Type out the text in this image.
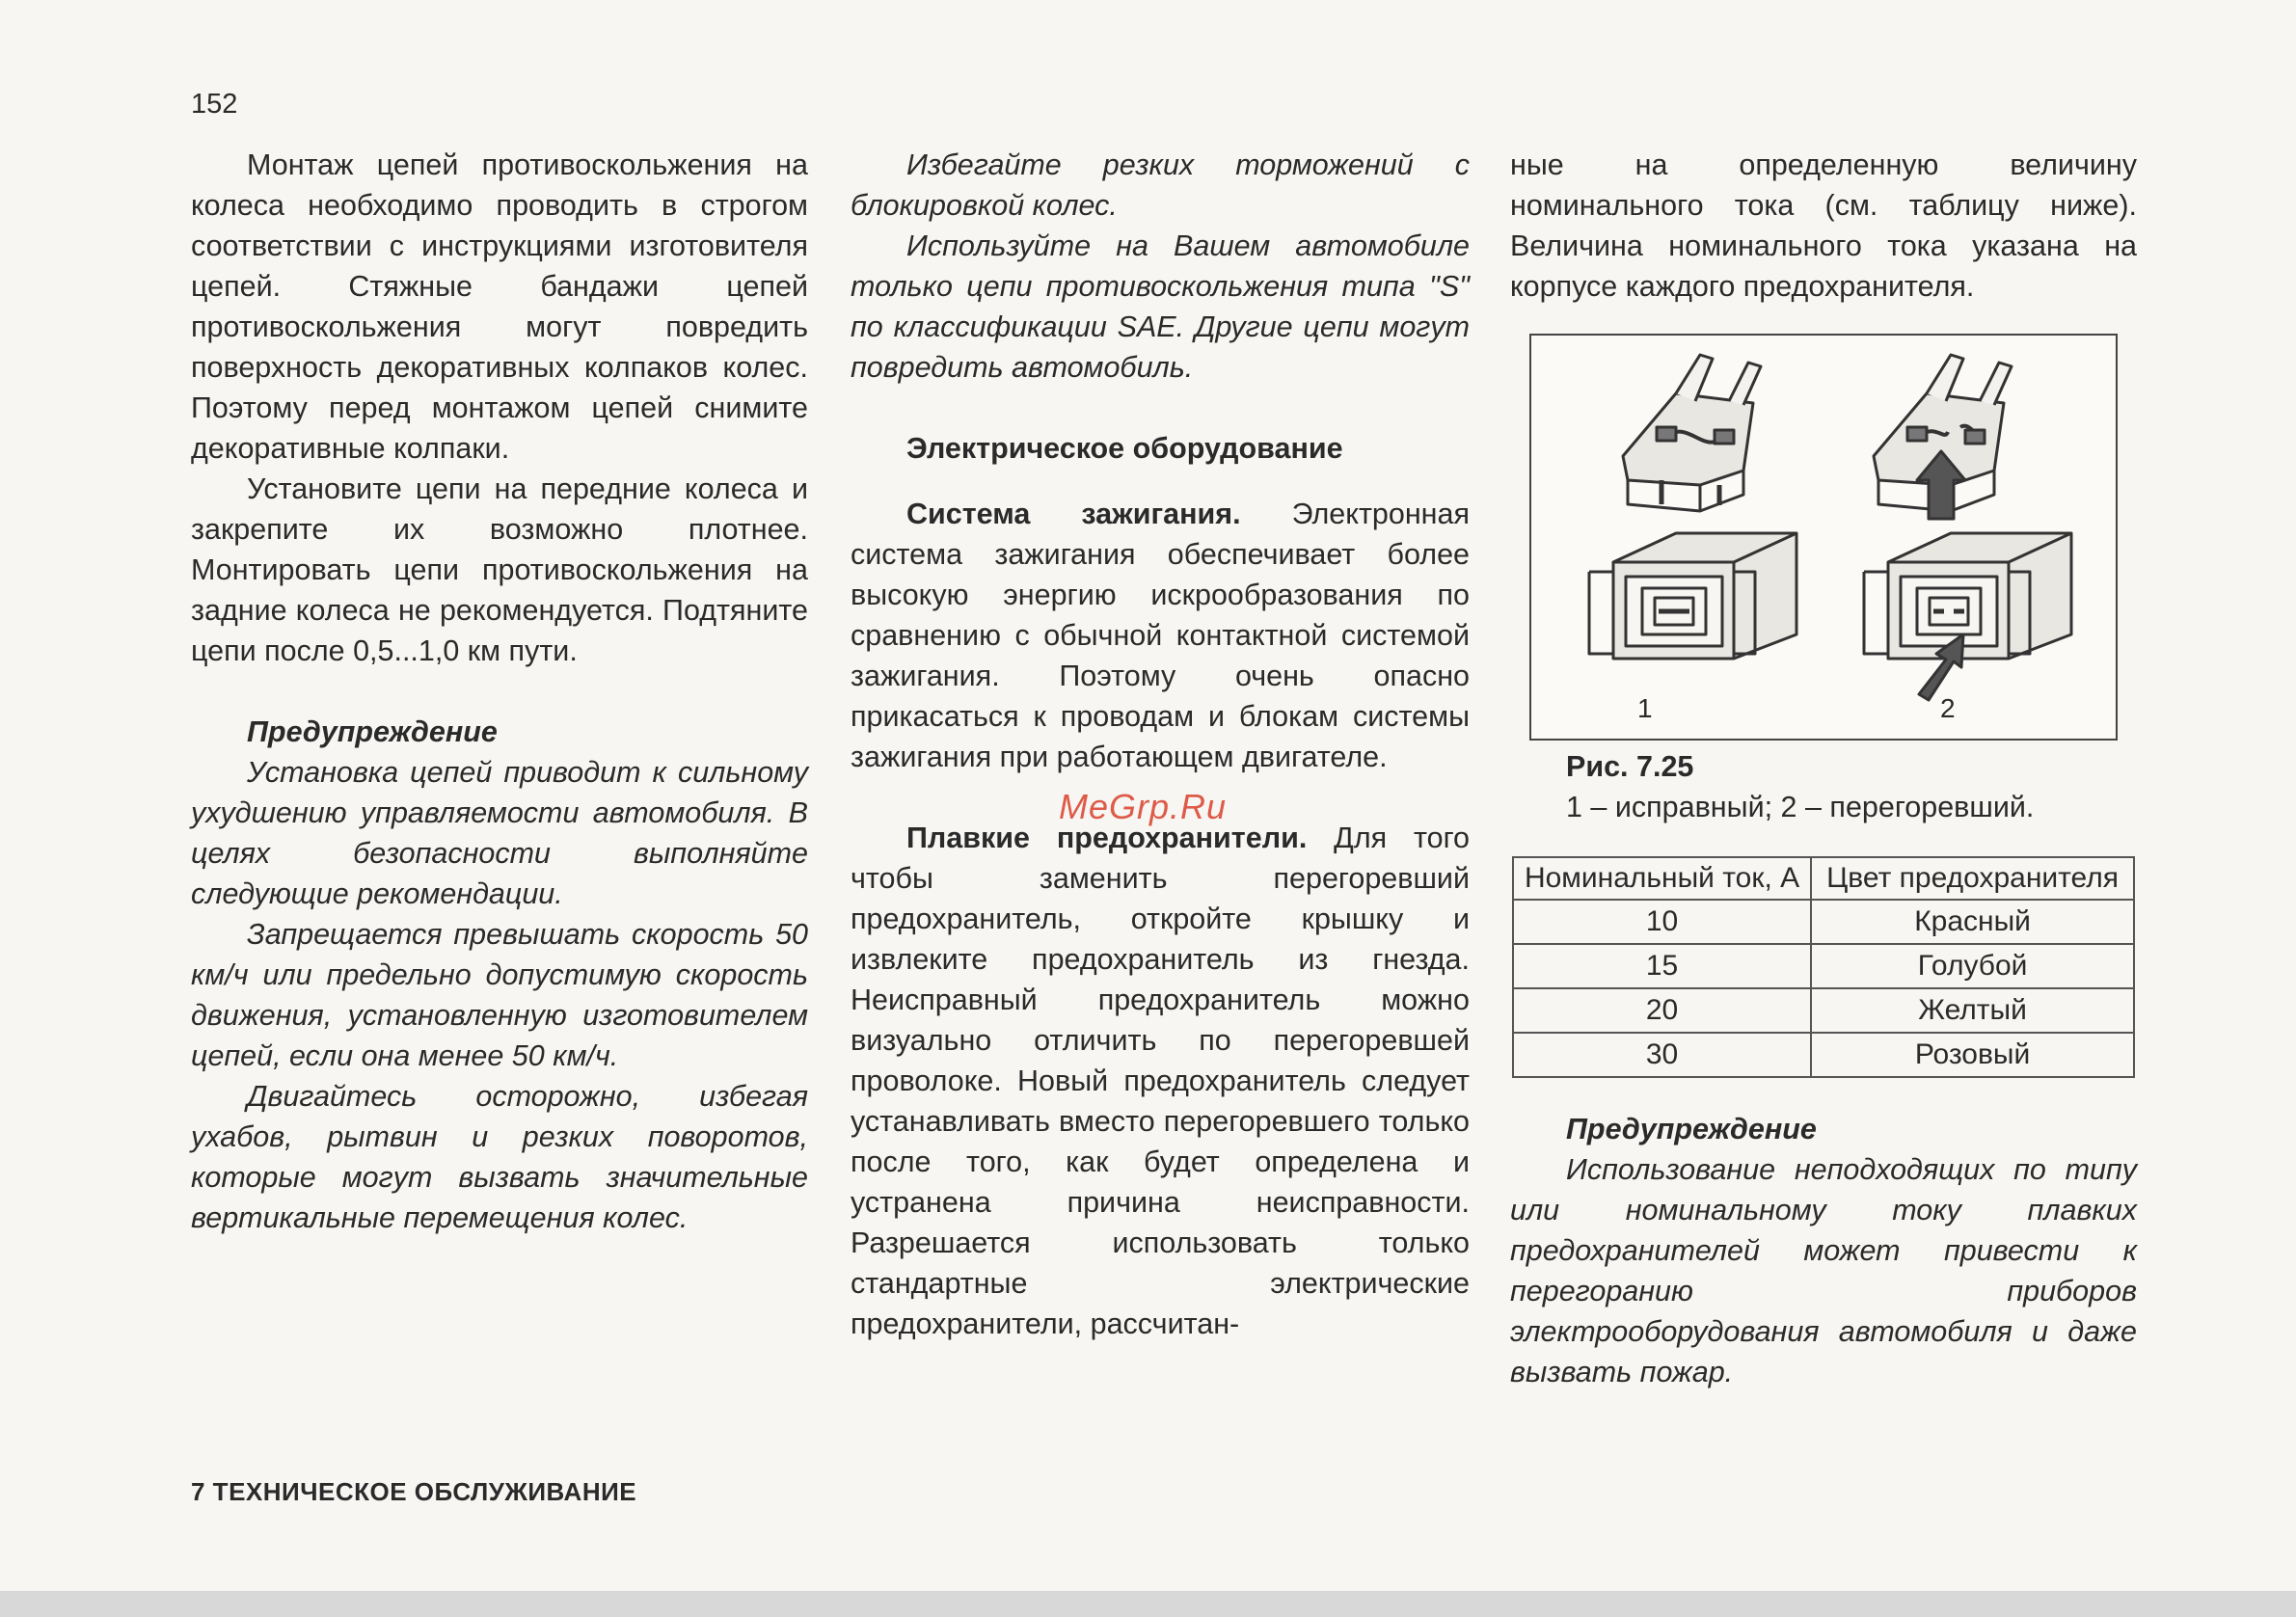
152

Монтаж цепей противоскольжения на колеса необходимо проводить в строгом соответствии с инструкциями изготовителя цепей. Стяжные бандажи цепей противоскольжения могут повредить поверхность декоративных колпаков колес. Поэтому перед монтажом цепей снимите декоративные колпаки.

Установите цепи на передние колеса и закрепите их возможно плотнее. Монтировать цепи противоскольжения на задние колеса не рекомендуется. Подтяните цепи после 0,5...1,0 км пути.

Предупреждение

Установка цепей приводит к сильному ухудшению управляемости автомобиля. В целях безопасности выполняйте следующие рекомендации.

Запрещается превышать скорость 50 км/ч или предельно допустимую скорость движения, установленную изготовителем цепей, если она менее 50 км/ч.

Двигайтесь осторожно, избегая ухабов, рытвин и резких поворотов, которые могут вызвать значительные вертикальные перемещения колес.

Избегайте резких торможений с блокировкой колес.

Используйте на Вашем автомобиле только цепи противоскольжения типа "S" по классификации SAE. Другие цепи могут повредить автомобиль.

Электрическое оборудование

Система зажигания. Электронная система зажигания обеспечивает более высокую энергию искрообразования по сравнению с обычной контактной системой зажигания. Поэтому очень опасно прикасаться к проводам и блокам системы зажигания при работающем двигателе.

Плавкие предохранители. Для того чтобы заменить перегоревший предохранитель, откройте крышку и извлеките предохранитель из гнезда. Неисправный предохранитель можно визуально отличить по перегоревшей проволоке. Новый предохранитель следует устанавливать вместо перегоревшего только после того, как будет определена и устранена причина неисправности. Разрешается использовать только стандартные электрические предохранители, рассчитан-

ные на определенную величину номинального тока (см. таблицу ниже). Величина номинального тока указана на корпусе каждого предохранителя.

1	2
Рис. 7.25
1 – исправный; 2 – перегоревший.
Номинальный ток, А	Цвет предохранителя
10	Красный
15	Голубой
20	Желтый
30	Розовый
Предупреждение

Использование неподходящих по типу или номинальному току плавких предохранителей может привести к перегоранию приборов электрооборудования автомобиля и даже вызвать пожар.

MeGrp.Ru
7 ТЕХНИЧЕСКОЕ ОБСЛУЖИВАНИЕ
